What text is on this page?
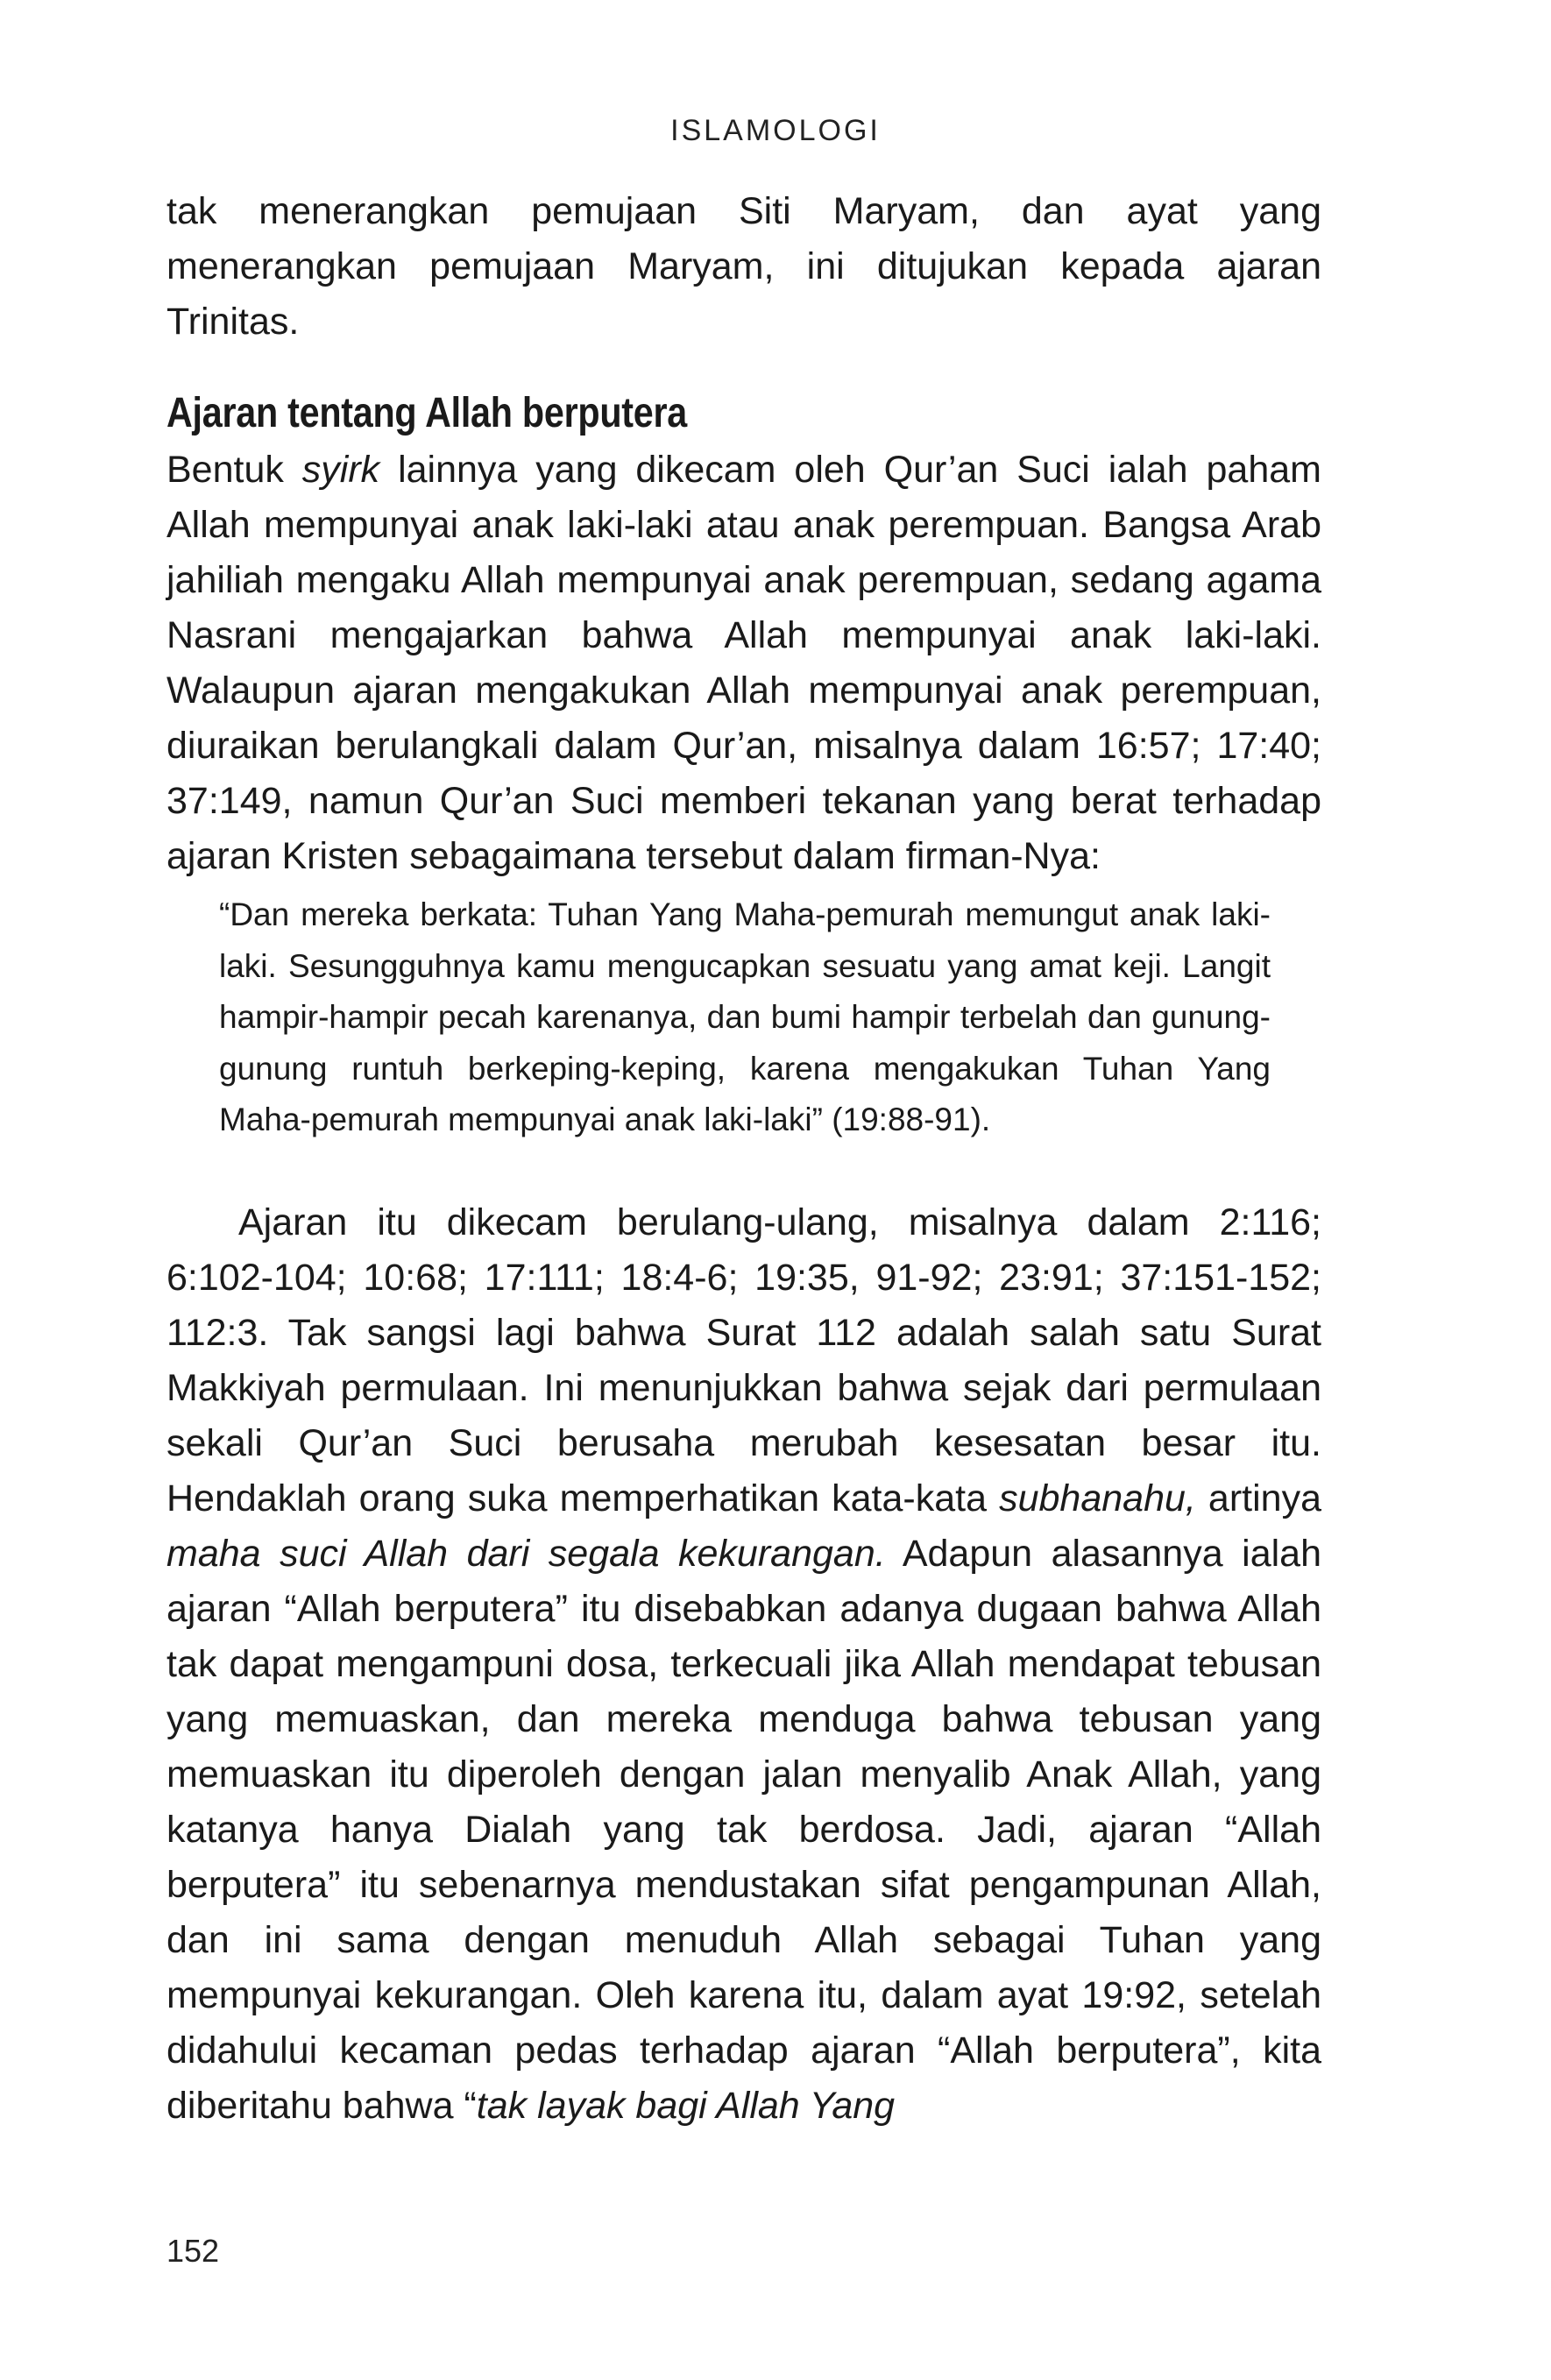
ISLAMOLOGI

tak menerangkan pemujaan Siti Maryam, dan ayat yang menerangkan pemujaan Maryam, ini ditujukan kepada ajaran Trinitas.

Ajaran tentang Allah berputera

Bentuk syirk lainnya yang dikecam oleh Qur’an Suci ialah paham Allah mempunyai anak laki-laki atau anak perempuan. Bangsa Arab jahiliah mengaku Allah mempunyai anak perempuan, sedang agama Nasrani mengajarkan bahwa Allah mempunyai anak laki-laki. Walaupun ajaran mengakukan Allah mempunyai anak perempuan, diuraikan berulangkali dalam Qur’an, misalnya dalam 16:57; 17:40; 37:149, namun Qur’an Suci memberi tekanan yang berat terhadap ajaran Kristen sebagaimana tersebut dalam firman-Nya:

“Dan mereka berkata: Tuhan Yang Maha-pemurah memungut anak laki-laki. Sesungguhnya kamu mengucapkan sesuatu yang amat keji. Langit hampir-hampir pecah karenanya, dan bumi hampir terbelah dan gunung-gunung runtuh berkeping-keping, karena mengakukan Tuhan Yang Maha-pemurah mempunyai anak laki-laki” (19:88-91).

Ajaran itu dikecam berulang-ulang, misalnya dalam 2:116; 6:102-104; 10:68; 17:111; 18:4-6; 19:35, 91-92; 23:91; 37:151-152; 112:3. Tak sangsi lagi bahwa Surat 112 adalah salah satu Surat Makkiyah permulaan. Ini menunjukkan bahwa sejak dari permulaan sekali Qur’an Suci berusaha merubah kesesatan besar itu. Hendaklah orang suka memperhatikan kata-kata subhanahu, artinya maha suci Allah dari segala kekurangan. Adapun alasannya ialah ajaran “Allah berputera” itu disebabkan adanya dugaan bahwa Allah tak dapat mengampuni dosa, terkecuali jika Allah mendapat tebusan yang memuaskan, dan mereka menduga bahwa tebusan yang memuaskan itu diperoleh dengan jalan menyalib Anak Allah, yang katanya hanya Dialah yang tak berdosa. Jadi, ajaran “Allah berputera” itu sebenarnya mendustakan sifat pengampunan Allah, dan ini sama dengan menuduh Allah sebagai Tuhan yang mempunyai kekurangan. Oleh karena itu, dalam ayat 19:92, setelah didahului kecaman pedas terhadap ajaran “Allah berputera”, kita diberitahu bahwa “tak layak bagi Allah Yang

152
